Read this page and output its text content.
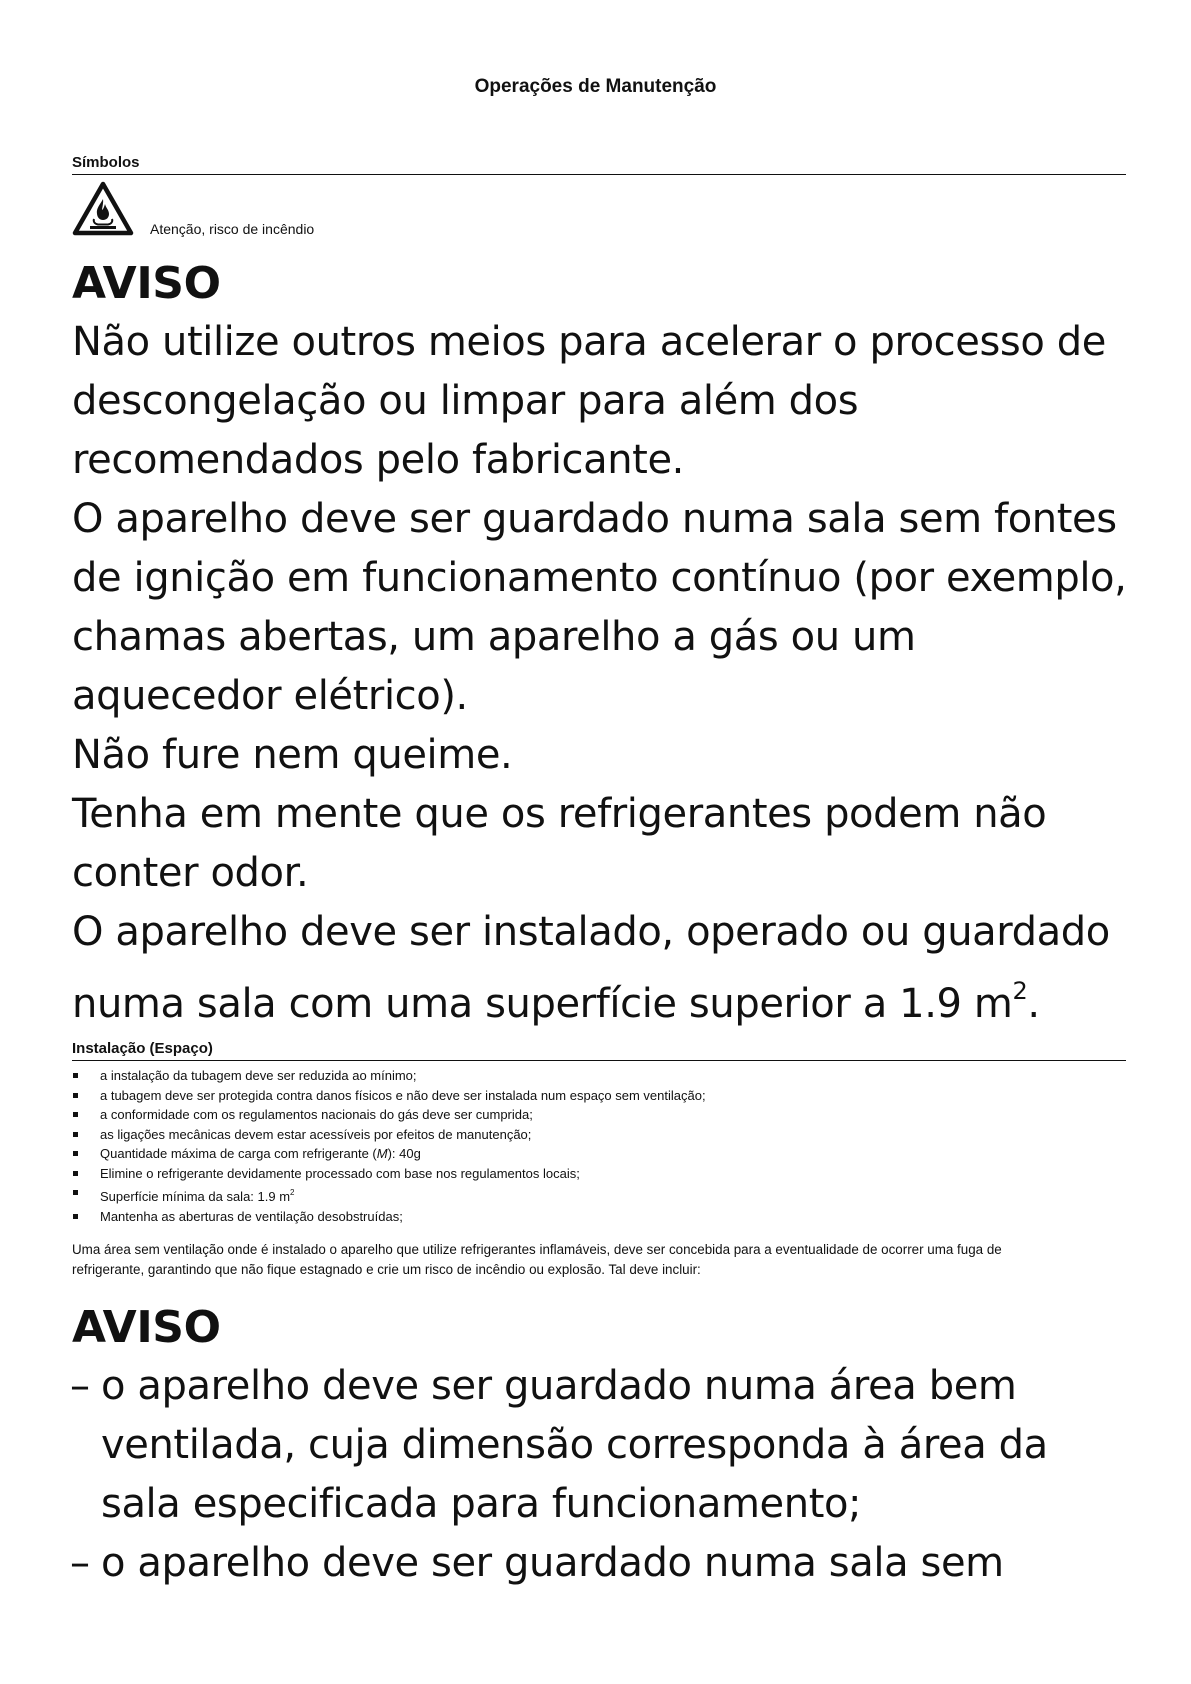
Operações de Manutenção
Símbolos
Atenção, risco de incêndio
AVISO
Não utilize outros meios para acelerar o processo de
descongelação ou limpar para além dos
recomendados pelo fabricante.
O aparelho deve ser guardado numa sala sem fontes
de ignição em funcionamento contínuo (por exemplo,
chamas abertas, um aparelho a gás ou um
aquecedor elétrico).
Não fure nem queime.
Tenha em mente que os refrigerantes podem não
conter odor.
O aparelho deve ser instalado, operado ou guardado
numa sala com uma superfície superior a 1.9 $m^2$.
Instalação (Espaço)
a instalação da tubagem deve ser reduzida ao mínimo;
a tubagem deve ser protegida contra danos físicos e não deve ser instalada num espaço sem ventilação;
a conformidade com os regulamentos nacionais do gás deve ser cumprida;
as ligações mecânicas devem estar acessíveis por efeitos de manutenção;
Quantidade máxima de carga com refrigerante (M): 40g
Elimine o refrigerante devidamente processado com base nos regulamentos locais;
Superfície mínima da sala: 1.9 $m^2$
Mantenha as aberturas de ventilação desobstruídas;
Uma área sem ventilação onde é instalado o aparelho que utilize refrigerantes inflamáveis, deve ser concebida para a eventualidade de ocorrer uma fuga de
refrigerante, garantindo que não fique estagnado e crie um risco de incêndio ou explosão. Tal deve incluir:
AVISO
– o aparelho deve ser guardado numa área bem
ventilada, cuja dimensão corresponda à área da
sala especificada para funcionamento;
– o aparelho deve ser guardado numa sala sem
